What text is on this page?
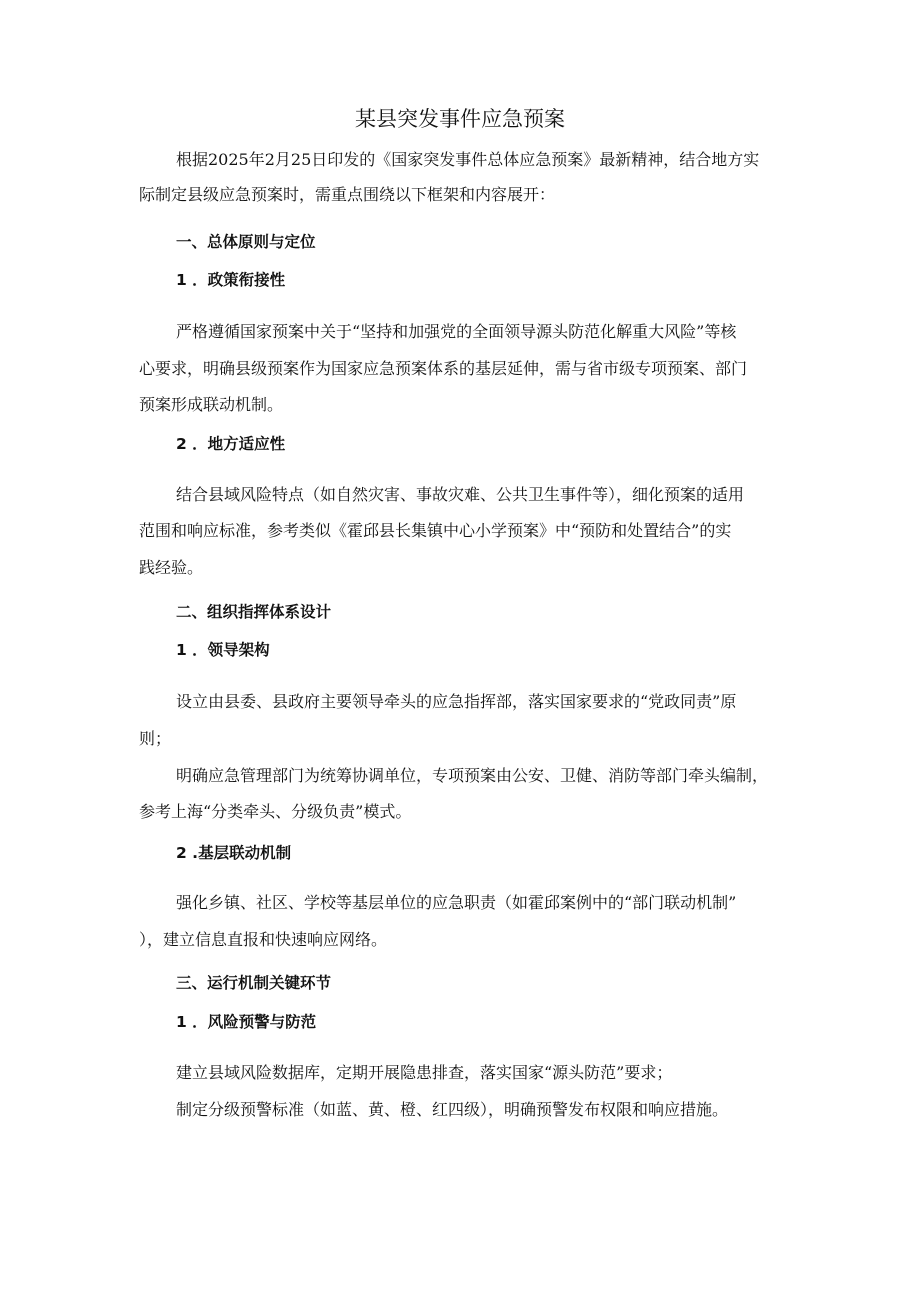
某县突发事件应急预案
根据2025年2月25日印发的《国家突发事件总体应急预案》最新精神，结合地方实
际制定县级应急预案时，需重点围绕以下框架和内容展开：
一、总体原则与定位
1 ．政策衔接性
严格遵循国家预案中关于“坚持和加强党的全面领导源头防范化解重大风险”等核
心要求，明确县级预案作为国家应急预案体系的基层延伸，需与省市级专项预案、部门
预案形成联动机制。
2 ．地方适应性
结合县域风险特点（如自然灾害、事故灾难、公共卫生事件等），细化预案的适用
范围和响应标准，参考类似《霍邱县长集镇中心小学预案》中“预防和处置结合”的实
践经验。
二、组织指挥体系设计
1 ．领导架构
设立由县委、县政府主要领导牵头的应急指挥部，落实国家要求的“党政同责”原
则；
明确应急管理部门为统筹协调单位，专项预案由公安、卫健、消防等部门牵头编制，
参考上海“分类牵头、分级负责”模式。
2 .基层联动机制
强化乡镇、社区、学校等基层单位的应急职责（如霍邱案例中的“部门联动机制”
），建立信息直报和快速响应网络。
三、运行机制关键环节
1 ．风险预警与防范
建立县域风险数据库，定期开展隐患排查，落实国家“源头防范”要求；
制定分级预警标准（如蓝、黄、橙、红四级），明确预警发布权限和响应措施。
